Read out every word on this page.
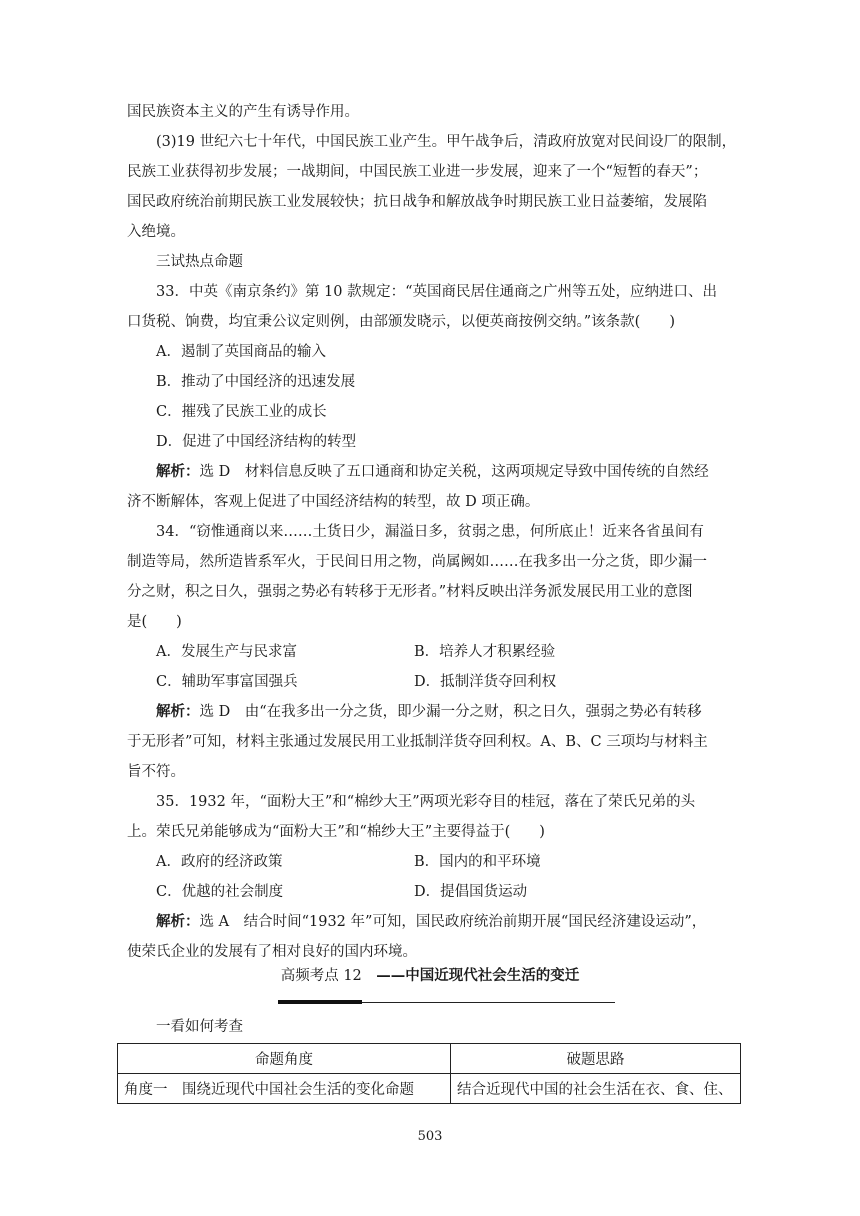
国民族资本主义的产生有诱导作用。
(3)19 世纪六七十年代，中国民族工业产生。甲午战争后，清政府放宽对民间设厂的限制，
民族工业获得初步发展；一战期间，中国民族工业进一步发展，迎来了一个“短暂的春天”；
国民政府统治前期民族工业发展较快；抗日战争和解放战争时期民族工业日益萎缩，发展陷
入绝境。
三试热点命题
33．中英《南京条约》第 10 款规定：“英国商民居住通商之广州等五处，应纳进口、出
口货税、饷费，均宜秉公议定则例，由部颁发晓示，以便英商按例交纳。”该条款(　　)
A．遏制了英国商品的输入
B．推动了中国经济的迅速发展
C．摧残了民族工业的成长
D．促进了中国经济结构的转型
解析：选 D　材料信息反映了五口通商和协定关税，这两项规定导致中国传统的自然经
济不断解体，客观上促进了中国经济结构的转型，故 D 项正确。
34．“窃惟通商以来……土货日少，漏溢日多，贫弱之患，何所底止！近来各省虽间有
制造等局，然所造皆系军火，于民间日用之物，尚属阙如……在我多出一分之货，即少漏一
分之财，积之日久，强弱之势必有转移于无形者。”材料反映出洋务派发展民用工业的意图
是(　　)
A．发展生产与民求富	B．培养人才积累经验
C．辅助军事富国强兵	D．抵制洋货夺回利权
解析：选 D　由“在我多出一分之货，即少漏一分之财，积之日久，强弱之势必有转移
于无形者”可知，材料主张通过发展民用工业抵制洋货夺回利权。A、B、C 三项均与材料主
旨不符。
35．1932 年，“面粉大王”和“棉纱大王”两项光彩夺目的桂冠，落在了荣氏兄弟的头
上。荣氏兄弟能够成为“面粉大王”和“棉纱大王”主要得益于(　　)
A．政府的经济政策	B．国内的和平环境
C．优越的社会制度	D．提倡国货运动
解析：选 A　结合时间“1932 年”可知，国民政府统治前期开展“国民经济建设运动”，
使荣氏企业的发展有了相对良好的国内环境。
高频考点 12　——中国近现代社会生活的变迁
一看如何考查
命题角度	破题思路
角度一　围绕近现代中国社会生活的变化命题	结合近现代中国的社会生活在衣、食、住、
503
